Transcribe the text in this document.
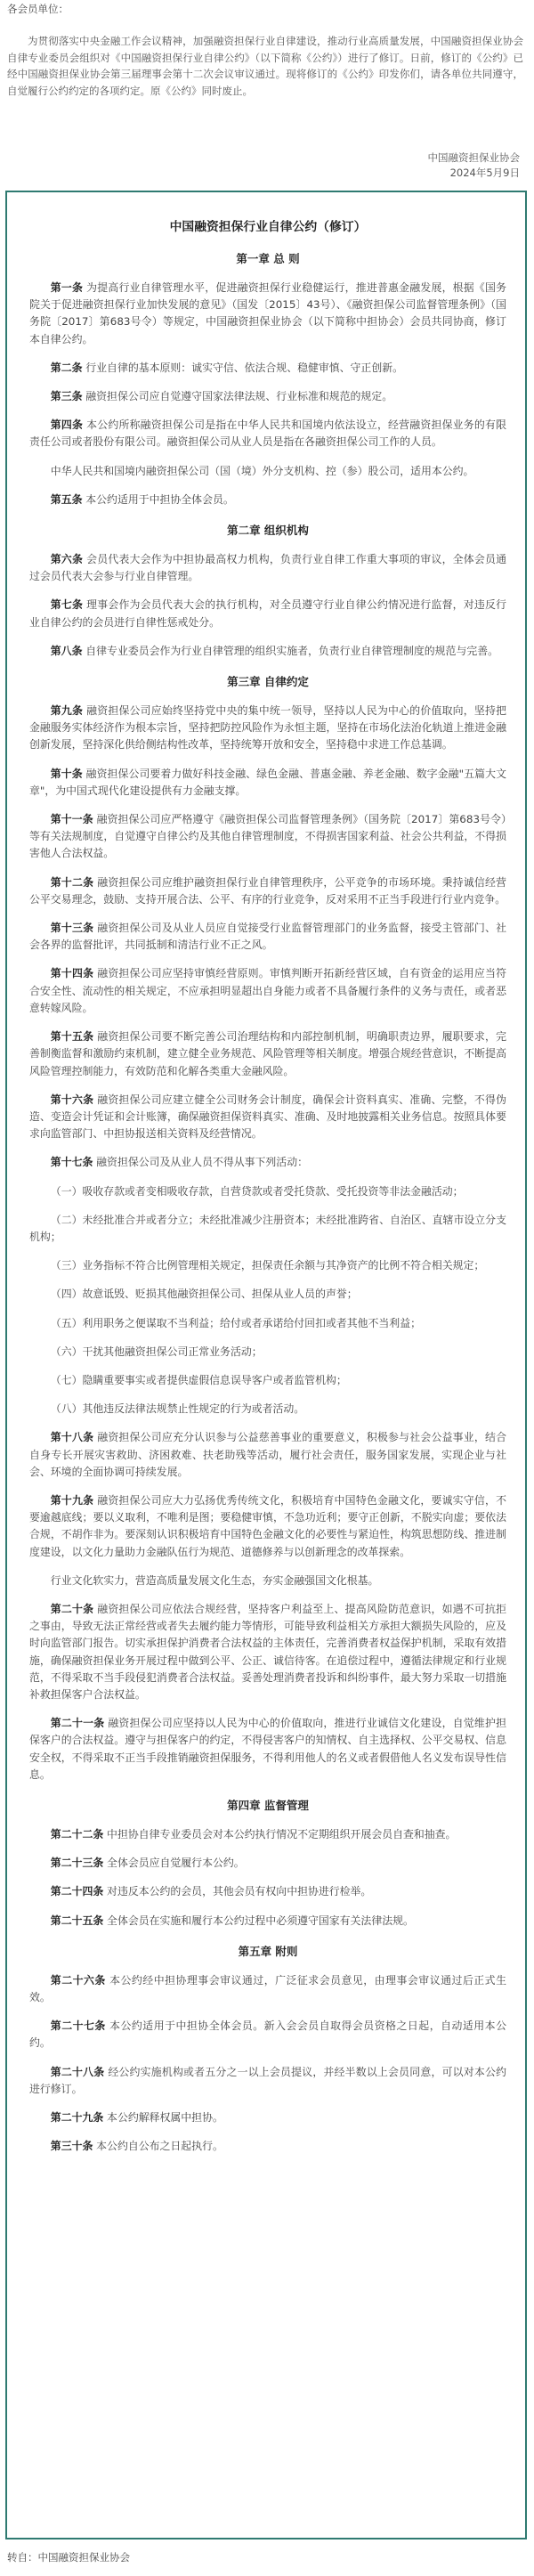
各会员单位：
为贯彻落实中央金融工作会议精神，加强融资担保行业自律建设，推动行业高质量发展，中国融资担保业协会自律专业委员会组织对《中国融资担保行业自律公约》（以下简称《公约》）进行了修订。日前，修订的《公约》已经中国融资担保业协会第三届理事会第十二次会议审议通过。现将修订的《公约》印发你们，请各单位共同遵守，自觉履行公约约定的各项约定。原《公约》同时废止。
中国融资担保业协会
2024年5月9日
中国融资担保行业自律公约（修订）
第一章 总 则

第一条 为提高行业自律管理水平，促进融资担保行业稳健运行，推进普惠金融发展，根据《国务院关于促进融资担保行业加快发展的意见》（国发〔2015〕43号）、《融资担保公司监督管理条例》（国务院〔2017〕第683号令）等规定，中国融资担保业协会（以下简称中担协会）会员共同协商，修订本自律公约。

第二条 行业自律的基本原则：诚实守信、依法合规、稳健审慎、守正创新。

第三条 融资担保公司应自觉遵守国家法律法规、行业标准和规范的规定。

第四条 本公约所称融资担保公司是指在中华人民共和国境内依法设立，经营融资担保业务的有限责任公司或者股份有限公司。融资担保公司从业人员是指在各融资担保公司工作的人员。

中华人民共和国境内融资担保公司（国（境）外分支机构、控（参）股公司，适用本公约。

第五条 本公约适用于中担协全体会员。

第二章 组织机构

第六条 会员代表大会作为中担协最高权力机构，负责行业自律工作重大事项的审议，全体会员通过会员代表大会参与行业自律管理。

第七条 理事会作为会员代表大会的执行机构，对全员遵守行业自律公约情况进行监督，对违反行业自律公约的会员进行自律性惩戒处分。

第八条 自律专业委员会作为行业自律管理的组织实施者，负责行业自律管理制度的规范与完善。

第三章 自律约定

第九条 融资担保公司应始终坚持党中央的集中统一领导，坚持以人民为中心的价值取向，坚持把金融服务实体经济作为根本宗旨，坚持把防控风险作为永恒主题，坚持在市场化法治化轨道上推进金融创新发展，坚持深化供给侧结构性改革，坚持统筹开放和安全，坚持稳中求进工作总基调。

第十条 融资担保公司要着力做好科技金融、绿色金融、普惠金融、养老金融、数字金融"五篇大文章"，为中国式现代化建设提供有力金融支撑。

第十一条 融资担保公司应严格遵守《融资担保公司监督管理条例》（国务院〔2017〕第683号令）等有关法规制度，自觉遵守自律公约及其他自律管理制度，不得损害国家利益、社会公共利益，不得损害他人合法权益。

第十二条 融资担保公司应维护融资担保行业自律管理秩序，公平竞争的市场环境。秉持诚信经营公平交易理念，鼓励、支持开展合法、公平、有序的行业竞争，反对采用不正当手段进行行业内竞争。

第十三条 融资担保公司及从业人员应自觉接受行业监督管理部门的业务监督，接受主管部门、社会各界的监督批评，共同抵制和清洁行业不正之风。

第十四条 融资担保公司应坚持审慎经营原则。审慎判断开拓新经营区域，自有资金的运用应当符合安全性、流动性的相关规定，不应承担明显超出自身能力或者不具备履行条件的义务与责任，或者恶意转嫁风险。

第十五条 融资担保公司要不断完善公司治理结构和内部控制机制，明确职责边界，履职要求，完善制衡监督和激励约束机制，建立健全业务规范、风险管理等相关制度。增强合规经营意识，不断提高风险管理控制能力，有效防范和化解各类重大金融风险。

第十六条 融资担保公司应建立健全公司财务会计制度，确保会计资料真实、准确、完整，不得伪造、变造会计凭证和会计账簿，确保融资担保资料真实、准确、及时地披露相关业务信息。按照具体要求向监管部门、中担协报送相关资料及经营情况。

第十七条 融资担保公司及从业人员不得从事下列活动：

（一）吸收存款或者变相吸收存款，自营贷款或者受托贷款、受托投资等非法金融活动；

（二）未经批准合并或者分立；未经批准减少注册资本；未经批准跨省、自治区、直辖市设立分支机构；

（三）业务指标不符合比例管理相关规定，担保责任余额与其净资产的比例不符合相关规定；

（四）故意诋毁、贬损其他融资担保公司、担保从业人员的声誉；

（五）利用职务之便谋取不当利益；给付或者承诺给付回扣或者其他不当利益；

（六）干扰其他融资担保公司正常业务活动；

（七）隐瞒重要事实或者提供虚假信息误导客户或者监管机构；

（八）其他违反法律法规禁止性规定的行为或者活动。

第十八条 融资担保公司应充分认识参与公益慈善事业的重要意义，积极参与社会公益事业，结合自身专长开展灾害救助、济困救难、扶老助残等活动，履行社会责任，服务国家发展，实现企业与社会、环境的全面协调可持续发展。

第十九条 融资担保公司应大力弘扬优秀传统文化，积极培育中国特色金融文化，要诚实守信，不要逾越底线；要以义取利，不唯利是图；要稳健审慎，不急功近利；要守正创新，不脱实向虚；要依法合规，不胡作非为。要深刻认识积极培育中国特色金融文化的必要性与紧迫性，构筑思想防线、推进制度建设，以文化力量助力金融队伍行为规范、道德修养与以创新理念的改革探索。

行业文化软实力，营造高质量发展文化生态，夯实金融强国文化根基。

第二十条 融资担保公司应依法合规经营，坚持客户利益至上、提高风险防范意识，如遇不可抗拒之事由，导致无法正常经营或者失去履约能力等情形，可能导致利益相关方承担大额损失风险的，应及时向监管部门报告。切实承担保护消费者合法权益的主体责任，完善消费者权益保护机制，采取有效措施，确保融资担保业务开展过程中做到公平、公正、诚信待客。在追偿过程中，遵循法律规定和行业规范，不得采取不当手段侵犯消费者合法权益。妥善处理消费者投诉和纠纷事件，最大努力采取一切措施补救担保客户合法权益。

第二十一条 融资担保公司应坚持以人民为中心的价值取向，推进行业诚信文化建设，自觉维护担保客户的合法权益。遵守与担保客户的约定，不得侵害客户的知情权、自主选择权、公平交易权、信息安全权，不得采取不正当手段推销融资担保服务，不得利用他人的名义或者假借他人名义发布误导性信息。

第四章 监督管理

第二十二条 中担协自律专业委员会对本公约执行情况不定期组织开展会员自查和抽查。

第二十三条 全体会员应自觉履行本公约。

第二十四条 对违反本公约的会员，其他会员有权向中担协进行检举。

第二十五条 全体会员在实施和履行本公约过程中必须遵守国家有关法律法规。

第五章 附则

第二十六条 本公约经中担协理事会审议通过，广泛征求会员意见，由理事会审议通过后正式生效。

第二十七条 本公约适用于中担协全体会员。新入会会员自取得会员资格之日起，自动适用本公约。

第二十八条 经公约实施机构或者五分之一以上会员提议，并经半数以上会员同意，可以对本公约进行修订。

第二十九条 本公约解释权属中担协。

第三十条 本公约自公布之日起执行。

转自：中国融资担保业协会
